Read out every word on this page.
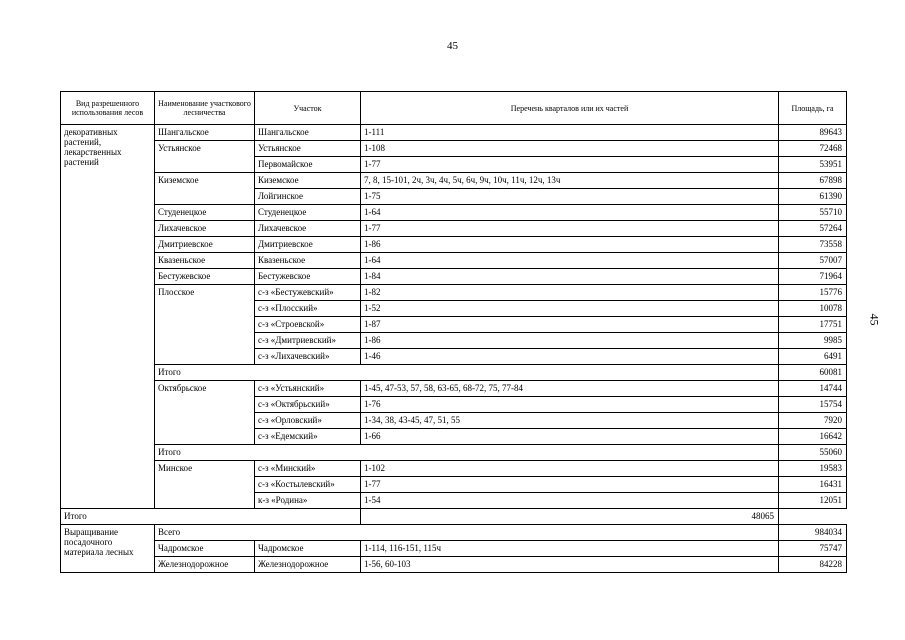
45
45
Вид разрешенного использования лесов	Наименование участкового лесничества	Участок	Перечень кварталов или их частей	Площадь, га
декоративных растений, лекарственных растений	Шангальское	Шангальское	1-111	89643
	Устьянское	Устьянское	1-108	72468
		Первомайское	1-77	53951
	Киземское	Киземское	7, 8, 15-101, 2ч, 3ч, 4ч, 5ч, 6ч, 9ч, 10ч, 11ч, 12ч, 13ч	67898
		Лойгинское	1-75	61390
	Студенецкое	Студенецкое	1-64	55710
	Лихачевское	Лихачевское	1-77	57264
	Дмитриевское	Дмитриевское	1-86	73558
	Квазеньское	Квазеньское	1-64	57007
	Бестужевское	Бестужевское	1-84	71964
	Плосское	с-з «Бестужевский»	1-82	15776
		с-з «Плосский»	1-52	10078
		с-з «Строевской»	1-87	17751
		с-з «Дмитриевский»	1-86	9985
		с-з «Лихачевский»	1-46	6491
	Итого			60081
	Октябрьское	с-з «Устьянский»	1-45, 47-53, 57, 58, 63-65, 68-72, 75, 77-84	14744
		с-з «Октябрьский»	1-76	15754
		с-з «Орловский»	1-34, 38, 43-45, 47, 51, 55	7920
		с-з «Едемский»	1-66	16642
	Итого			55060
	Минское	с-з «Минский»	1-102	19583
		с-з «Костылевский»	1-77	16431
		к-з «Родина»	1-54	12051
Итого			48065	
Выращивание посадочного материала лесных	Всего			984034
	Чадромское	Чадромское	1-114, 116-151, 115ч	75747
	Железнодорожное	Железнодорожное	1-56, 60-103	84228
